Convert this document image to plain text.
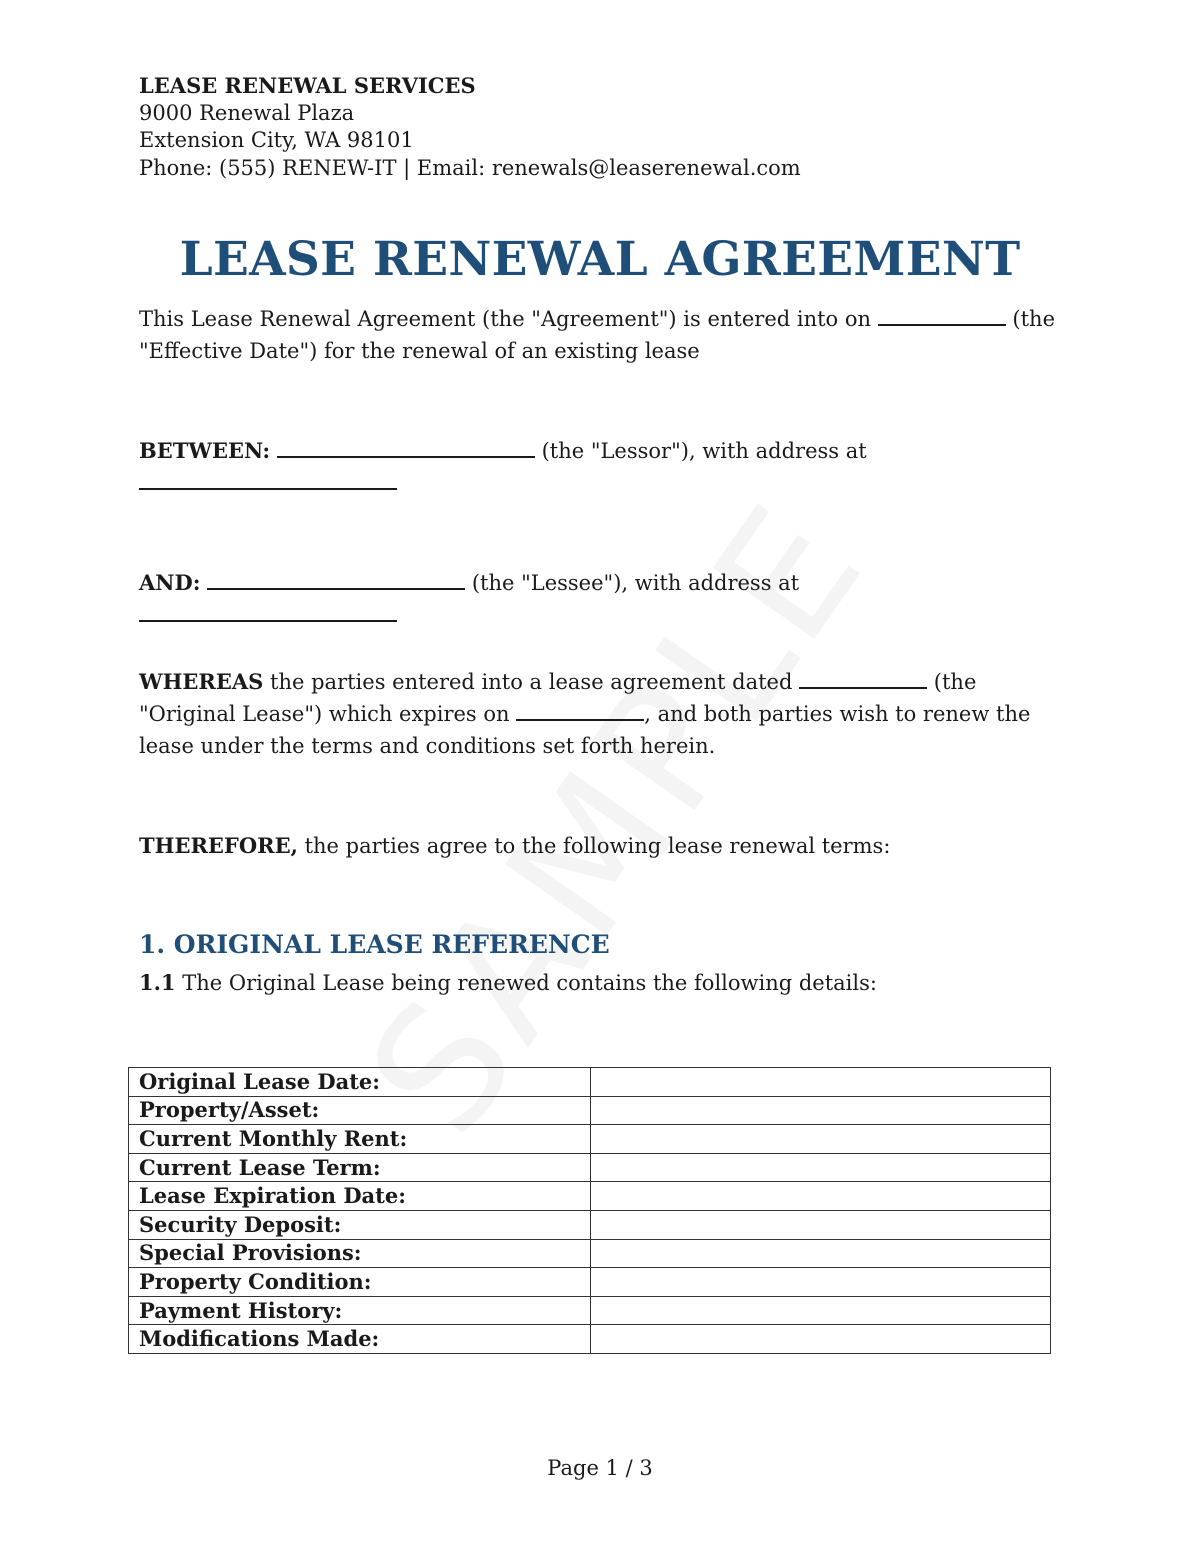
LEASE RENEWAL SERVICES
9000 Renewal Plaza
Extension City, WA 98101
Phone: (555) RENEW-IT | Email: renewals@leaserenewal.com
LEASE RENEWAL AGREEMENT
This Lease Renewal Agreement (the "Agreement") is entered into on	(the "Effective Date") for the renewal of an existing lease
BETWEEN:	(the "Lessor"), with address at

AND:	(the "Lessee"), with address at
WHEREAS the parties entered into a lease agreement dated	(the "Original Lease") which expires on	, and both parties wish to renew the lease under the terms and conditions set forth herein.
THEREFORE, the parties agree to the following lease renewal terms:
1. ORIGINAL LEASE REFERENCE
1.1 The Original Lease being renewed contains the following details:
Original Lease Date:	
Property/Asset:	
Current Monthly Rent:	
Current Lease Term:	
Lease Expiration Date:	
Security Deposit:	
Special Provisions:	
Property Condition:	
Payment History:	
Modifications Made:	
Page 1 / 3
